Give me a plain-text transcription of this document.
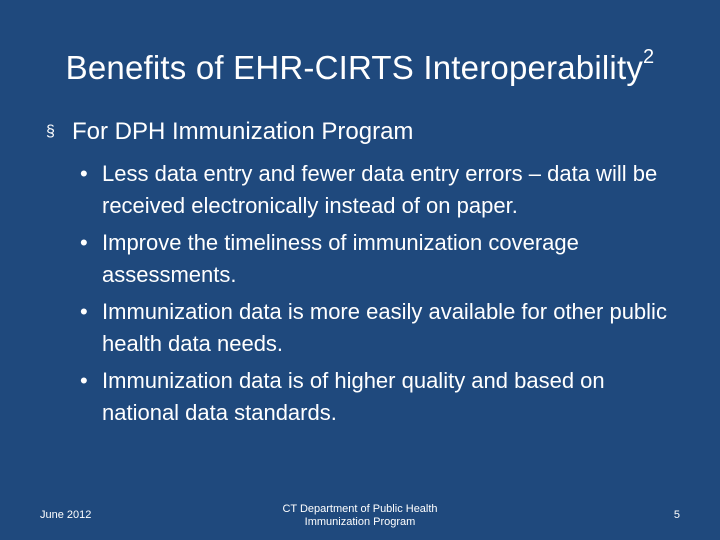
Benefits of EHR-CIRTS Interoperability$^2$
§ For DPH Immunization Program
• Less data entry and fewer data entry errors – data will be received electronically instead of on paper.
• Improve the timeliness of immunization coverage assessments.
• Immunization data is more easily available for other public health data needs.
• Immunization data is of higher quality and based on national data standards.
June 2012	CT Department of Public Health
Immunization Program
5
